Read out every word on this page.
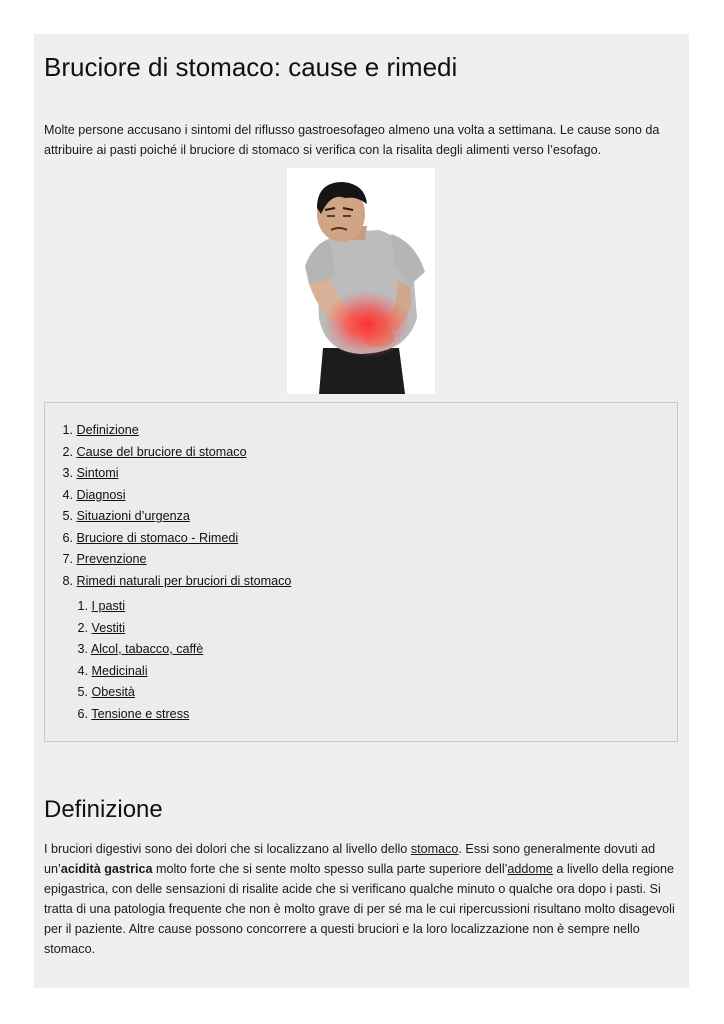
Bruciore di stomaco: cause e rimedi

Molte persone accusano i sintomi del riflusso gastroesofageo almeno una volta a settimana. Le cause sono da attribuire ai pasti poiché il bruciore di stomaco si verifica con la risalita degli alimenti verso l’esofago.

1. Definizione
2. Cause del bruciore di stomaco
3. Sintomi
4. Diagnosi
5. Situazioni d’urgenza
6. Bruciore di stomaco - Rimedi
7. Prevenzione
8. Rimedi naturali per bruciori di stomaco
1. I pasti
2. Vestiti
3. Alcol, tabacco, caffè
4. Medicinali
5. Obesità
6. Tensione e stress
Definizione

I bruciori digestivi sono dei dolori che si localizzano al livello dello stomaco. Essi sono generalmente dovuti ad un’acidità gastrica molto forte che si sente molto spesso sulla parte superiore dell’addome a livello della regione epigastrica, con delle sensazioni di risalite acide che si verificano qualche minuto o qualche ora dopo i pasti. Si tratta di una patologia frequente che non è molto grave di per sé ma le cui ripercussioni risultano molto disagevoli per il paziente. Altre cause possono concorrere a questi bruciori e la loro localizzazione non è sempre nello stomaco.
